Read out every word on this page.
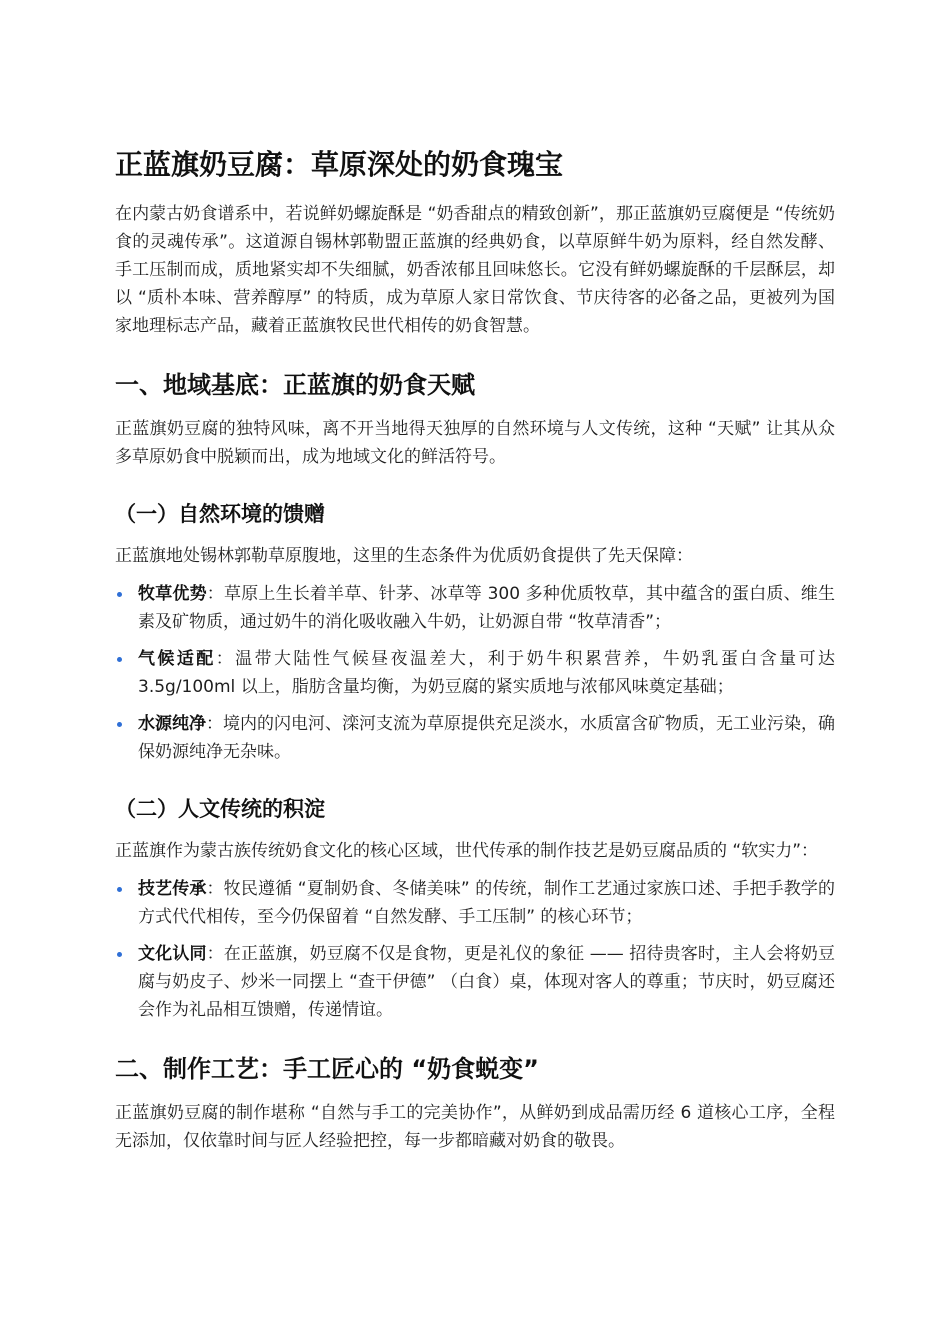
正蓝旗奶豆腐：草原深处的奶食瑰宝

在内蒙古奶食谱系中，若说鲜奶螺旋酥是 “奶香甜点的精致创新”，那正蓝旗奶豆腐便是 “传统奶食的灵魂传承”。这道源自锡林郭勒盟正蓝旗的经典奶食，以草原鲜牛奶为原料，经自然发酵、手工压制而成，质地紧实却不失细腻，奶香浓郁且回味悠长。它没有鲜奶螺旋酥的千层酥层，却以 “质朴本味、营养醇厚” 的特质，成为草原人家日常饮食、节庆待客的必备之品，更被列为国家地理标志产品，藏着正蓝旗牧民世代相传的奶食智慧。

一、地域基底：正蓝旗的奶食天赋

正蓝旗奶豆腐的独特风味，离不开当地得天独厚的自然环境与人文传统，这种 “天赋” 让其从众多草原奶食中脱颖而出，成为地域文化的鲜活符号。

（一）自然环境的馈赠

正蓝旗地处锡林郭勒草原腹地，这里的生态条件为优质奶食提供了先天保障：

牧草优势：草原上生长着羊草、针茅、冰草等 300 多种优质牧草，其中蕴含的蛋白质、维生素及矿物质，通过奶牛的消化吸收融入牛奶，让奶源自带 “牧草清香”；
气候适配：温带大陆性气候昼夜温差大，利于奶牛积累营养，牛奶乳蛋白含量可达 3.5g/100ml 以上，脂肪含量均衡，为奶豆腐的紧实质地与浓郁风味奠定基础；
水源纯净：境内的闪电河、滦河支流为草原提供充足淡水，水质富含矿物质，无工业污染，确保奶源纯净无杂味。
（二）人文传统的积淀

正蓝旗作为蒙古族传统奶食文化的核心区域，世代传承的制作技艺是奶豆腐品质的 “软实力”：

技艺传承：牧民遵循 “夏制奶食、冬储美味” 的传统，制作工艺通过家族口述、手把手教学的方式代代相传，至今仍保留着 “自然发酵、手工压制” 的核心环节；
文化认同：在正蓝旗，奶豆腐不仅是食物，更是礼仪的象征 —— 招待贵客时，主人会将奶豆腐与奶皮子、炒米一同摆上 “查干伊德” （白食）桌，体现对客人的尊重；节庆时，奶豆腐还会作为礼品相互馈赠，传递情谊。
二、制作工艺：手工匠心的 “奶食蜕变”

正蓝旗奶豆腐的制作堪称 “自然与手工的完美协作”，从鲜奶到成品需历经 6 道核心工序，全程无添加，仅依靠时间与匠人经验把控，每一步都暗藏对奶食的敬畏。
